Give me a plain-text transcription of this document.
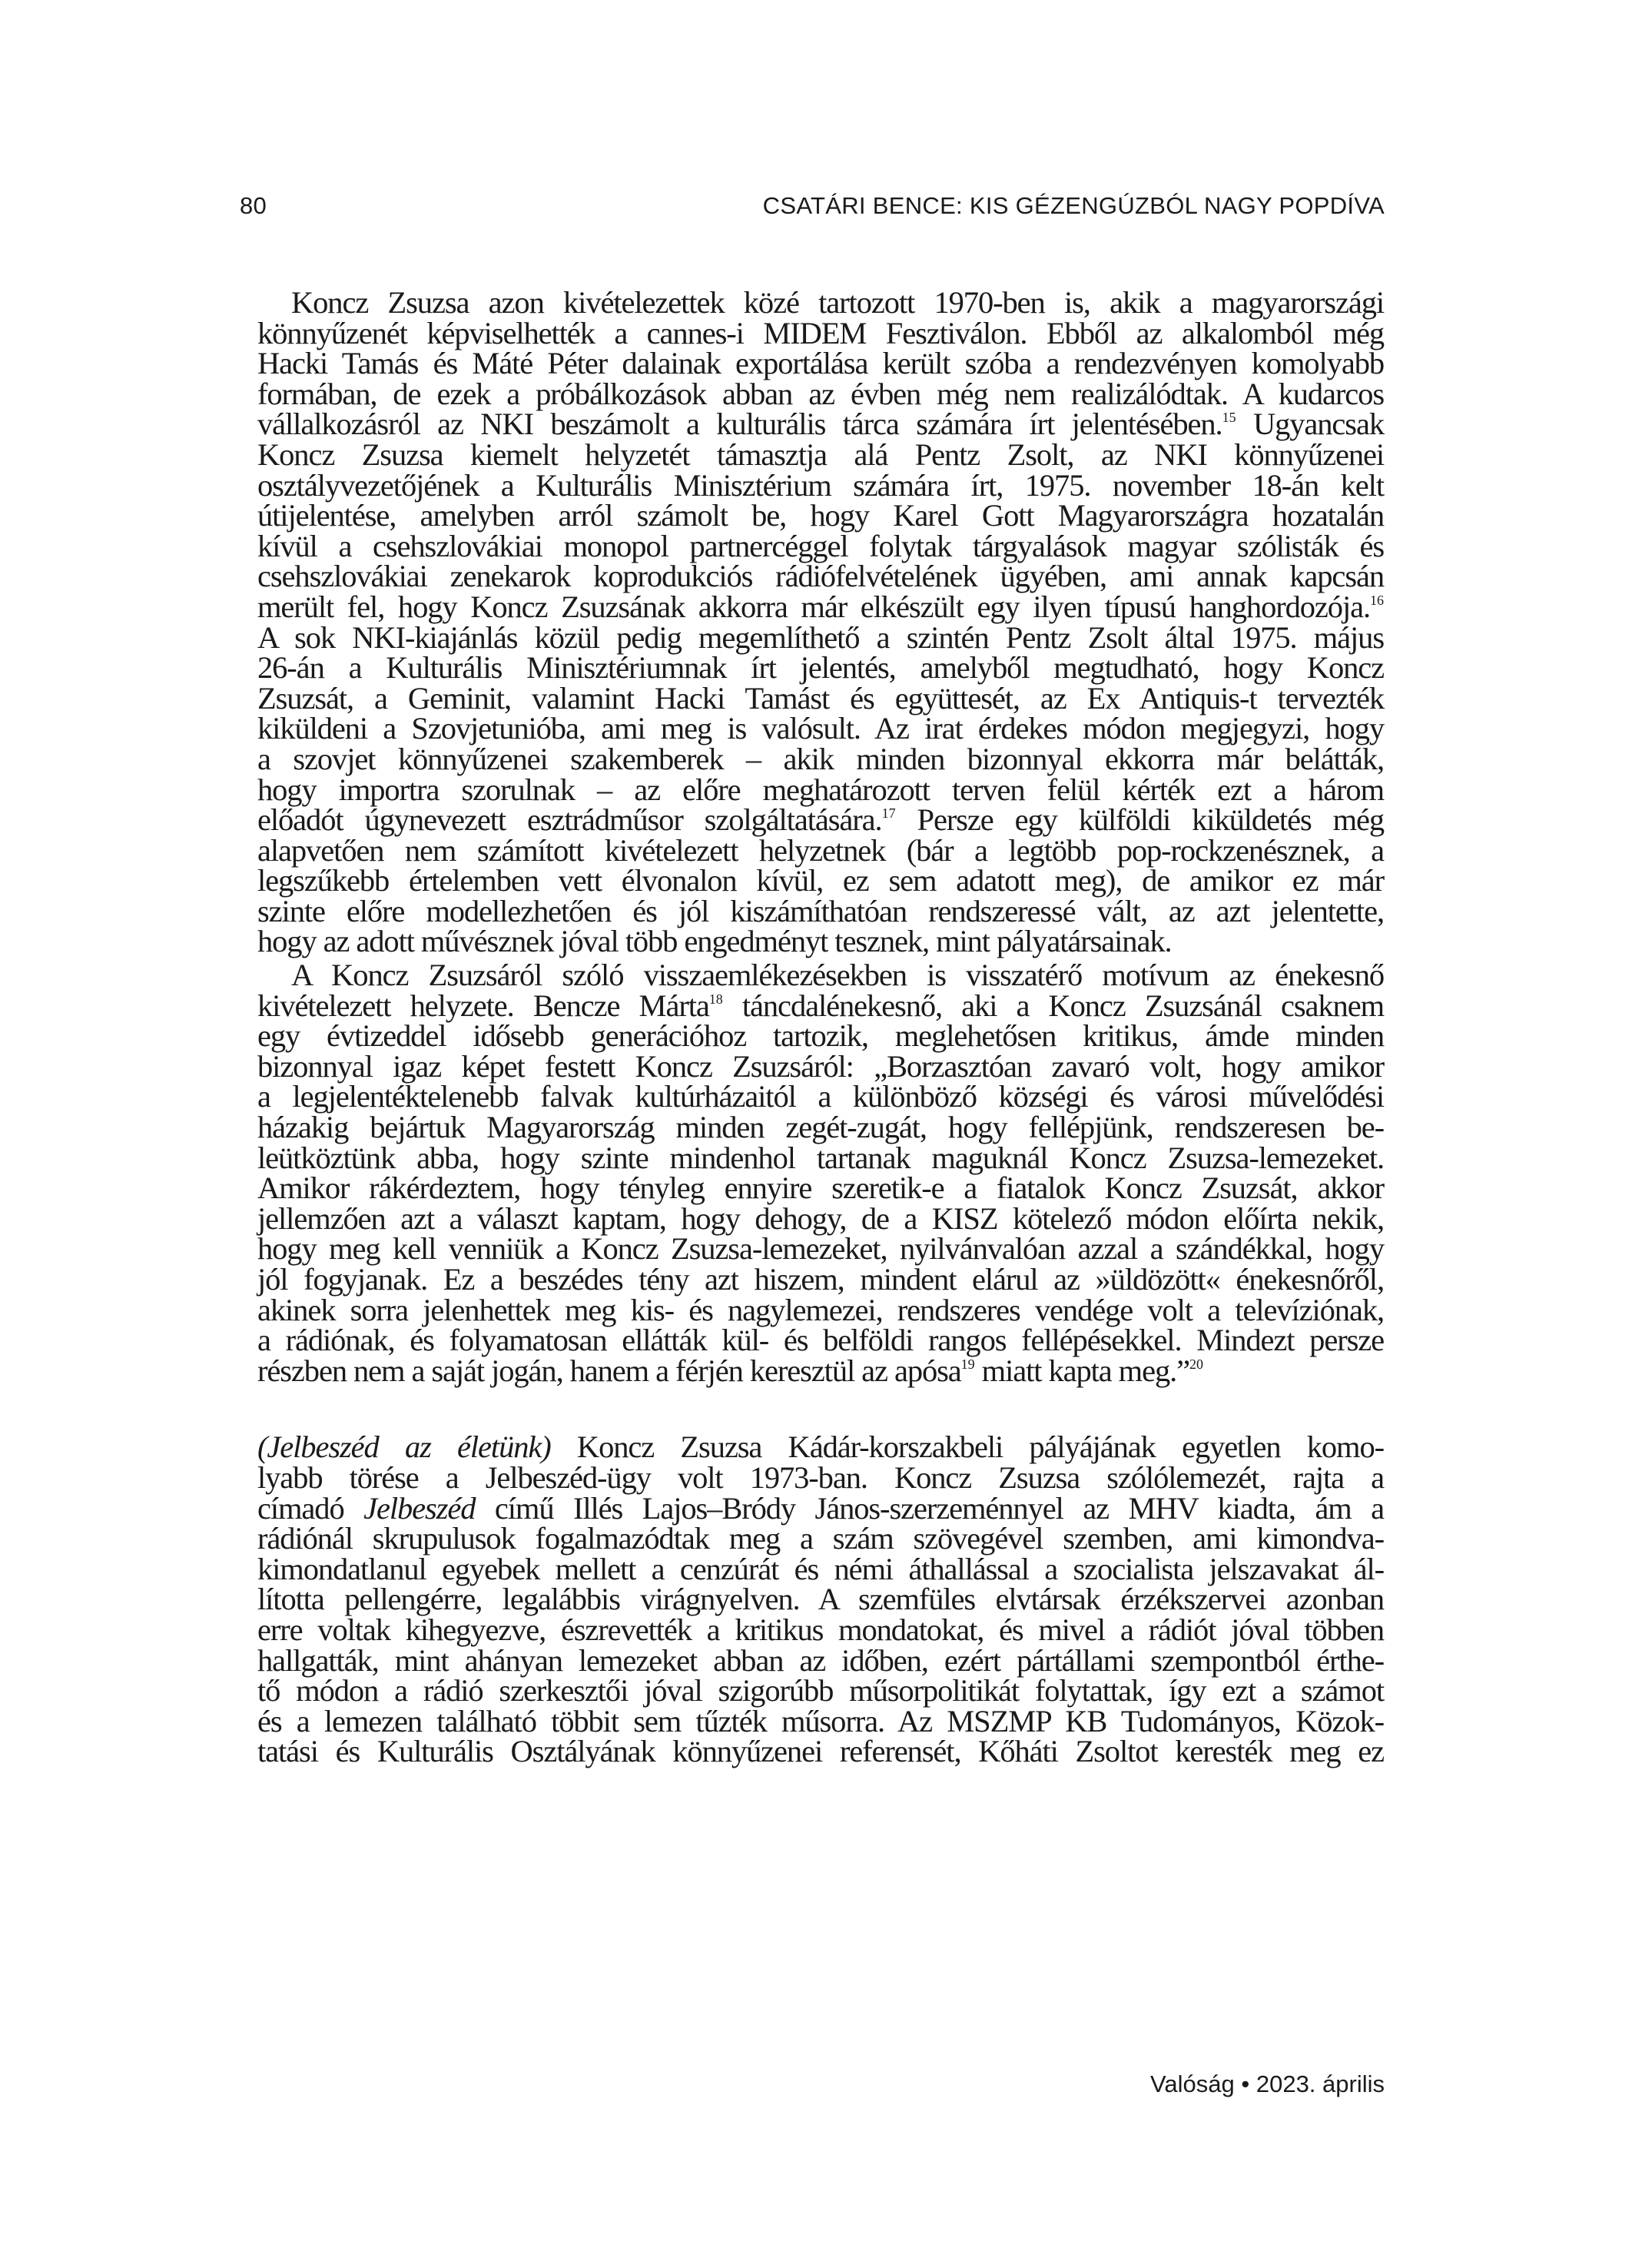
80	CSATÁRI BENCE: KIS GÉZENGÚZBÓL NAGY POPDÍVA
Koncz Zsuzsa azon kivételezettek közé tartozott 1970-ben is, akik a magyarországi
könnyűzenét képviselhették a cannes-i MIDEM Fesztiválon. Ebből az alkalomból még
Hacki Tamás és Máté Péter dalainak exportálása került szóba a rendezvényen komolyabb
formában, de ezek a próbálkozások abban az évben még nem realizálódtak. A kudarcos
vállalkozásról az NKI beszámolt a kulturális tárca számára írt jelentésében.$^{15}$ Ugyancsak
Koncz Zsuzsa kiemelt helyzetét támasztja alá Pentz Zsolt, az NKI könnyűzenei
osztályvezetőjének a Kulturális Minisztérium számára írt, 1975. november 18-án kelt
útijelentése, amelyben arról számolt be, hogy Karel Gott Magyarországra hozatalán
kívül a csehszlovákiai monopol partnercéggel folytak tárgyalások magyar szólisták és
csehszlovákiai zenekarok koprodukciós rádiófelvételének ügyében, ami annak kapcsán
merült fel, hogy Koncz Zsuzsának akkorra már elkészült egy ilyen típusú hanghordozója.$^{16}$
A sok NKI-kiajánlás közül pedig megemlíthető a szintén Pentz Zsolt által 1975. május
26-án a Kulturális Minisztériumnak írt jelentés, amelyből megtudható, hogy Koncz
Zsuzsát, a Geminit, valamint Hacki Tamást és együttesét, az Ex Antiquis-t tervezték
kiküldeni a Szovjetunióba, ami meg is valósult. Az irat érdekes módon megjegyzi, hogy
a szovjet könnyűzenei szakemberek – akik minden bizonnyal ekkorra már belátták,
hogy importra szorulnak – az előre meghatározott terven felül kérték ezt a három
előadót úgynevezett esztrádműsor szolgáltatására.$^{17}$ Persze egy külföldi kiküldetés még
alapvetően nem számított kivételezett helyzetnek (bár a legtöbb pop-rockzenésznek, a
legszűkebb értelemben vett élvonalon kívül, ez sem adatott meg), de amikor ez már
szinte előre modellezhetően és jól kiszámíthatóan rendszeressé vált, az azt jelentette,
hogy az adott művésznek jóval több engedményt tesznek, mint pályatársainak.
A Koncz Zsuzsáról szóló visszaemlékezésekben is visszatérő motívum az énekesnő
kivételezett helyzete. Bencze Márta$^{18}$ táncdalénekesnő, aki a Koncz Zsuzsánál csaknem
egy évtizeddel idősebb generációhoz tartozik, meglehetősen kritikus, ámde minden
bizonnyal igaz képet festett Koncz Zsuzsáról: „Borzasztóan zavaró volt, hogy amikor
a legjelentéktelenebb falvak kultúrházaitól a különböző községi és városi művelődési
házakig bejártuk Magyarország minden zegét-zugát, hogy fellépjünk, rendszeresen be-
leütköztünk abba, hogy szinte mindenhol tartanak maguknál Koncz Zsuzsa-lemezeket.
Amikor rákérdeztem, hogy tényleg ennyire szeretik-e a fiatalok Koncz Zsuzsát, akkor
jellemzően azt a választ kaptam, hogy dehogy, de a KISZ kötelező módon előírta nekik,
hogy meg kell venniük a Koncz Zsuzsa-lemezeket, nyilvánvalóan azzal a szándékkal, hogy
jól fogyjanak. Ez a beszédes tény azt hiszem, mindent elárul az »üldözött« énekesnőről,
akinek sorra jelenhettek meg kis- és nagylemezei, rendszeres vendége volt a televíziónak,
a rádiónak, és folyamatosan ellátták kül- és belföldi rangos fellépésekkel. Mindezt persze
részben nem a saját jogán, hanem a férjén keresztül az apósa$^{19}$ miatt kapta meg.”$^{20}$
(Jelbeszéd az életünk) Koncz Zsuzsa Kádár-korszakbeli pályájának egyetlen komo-
lyabb törése a Jelbeszéd-ügy volt 1973-ban. Koncz Zsuzsa szólólemezét, rajta a
címadó Jelbeszéd című Illés Lajos–Bródy János-szerzeménnyel az MHV kiadta, ám a
rádiónál skrupulusok fogalmazódtak meg a szám szövegével szemben, ami kimondva-
kimondatlanul egyebek mellett a cenzúrát és némi áthallással a szocialista jelszavakat ál-
lította pellengérre, legalábbis virágnyelven. A szemfüles elvtársak érzékszervei azonban
erre voltak kihegyezve, észrevették a kritikus mondatokat, és mivel a rádiót jóval többen
hallgatták, mint ahányan lemezeket abban az időben, ezért pártállami szempontból érthe-
tő módon a rádió szerkesztői jóval szigorúbb műsorpolitikát folytattak, így ezt a számot
és a lemezen található többit sem tűzték műsorra. Az MSZMP KB Tudományos, Közok-
tatási és Kulturális Osztályának könnyűzenei referensét, Kőháti Zsoltot keresték meg ez
Valóság • 2023. április
